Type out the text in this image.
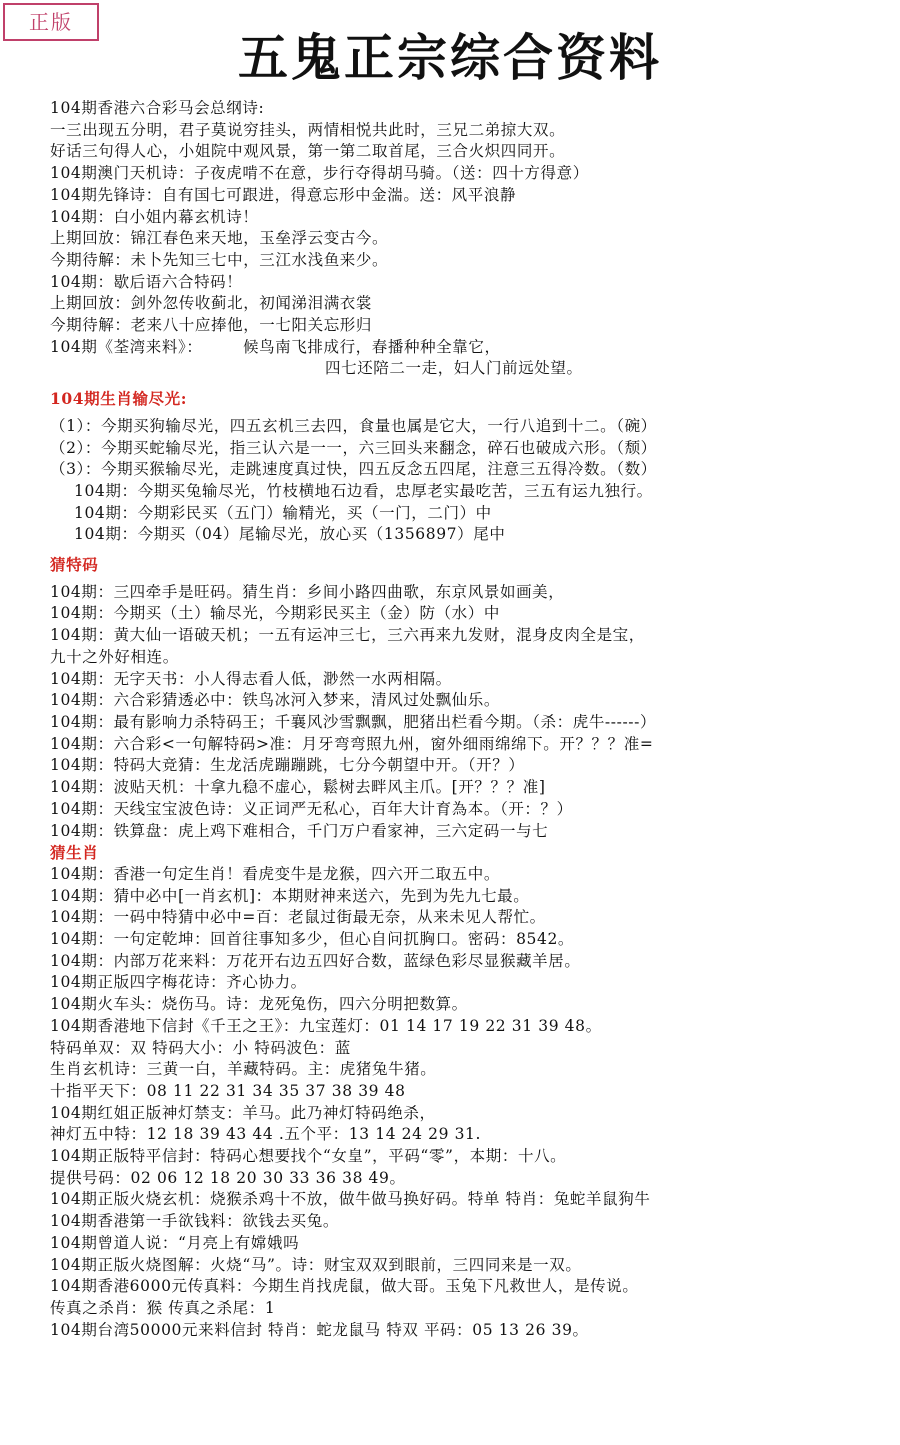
正版
五鬼正宗综合资料
104期香港六合彩马会总纲诗:
一三出现五分明，君子莫说穷挂头，两情相悦共此时，三兄二弟掠大双。
好话三句得人心，小姐院中观风景，第一第二取首尾，三合火炽四同开。
104期澳门天机诗：子夜虎啃不在意，步行夺得胡马骑。（送：四十方得意）
104期先锋诗：自有国七可跟进，得意忘形中金湍。送：风平浪静
104期：白小姐内幕玄机诗！
上期回放：锦江春色来天地，玉垒浮云变古今。
今期待解：未卜先知三七中，三江水浅鱼来少。
104期：歇后语六合特码！
上期回放：剑外忽传收蓟北，初闻涕泪满衣裳
今期待解：老来八十应捧他，一七阳关忘形归
104期《荃湾来料》：　　　候鸟南飞排成行，春播种种全靠它，
四七还陪二一走，妇人门前远处望。
104期生肖输尽光:
（1）：今期买狗输尽光，四五玄机三去四，食量也属是它大，一行八追到十二。（碗）
（2）：今期买蛇输尽光，指三认六是一一，六三回头来翻念，碎石也破成六形。（颓）
（3）：今期买猴输尽光，走跳速度真过快，四五反念五四尾，注意三五得冷数。（数）
104期：今期买兔输尽光，竹枝横地石边看，忠厚老实最吃苦，三五有运九独行。
104期：今期彩民买（五门）输精光，买（一门，二门）中
104期：今期买（04）尾输尽光，放心买（1356897）尾中
猜特码
104期：三四牵手是旺码。猜生肖：乡间小路四曲歌，东京风景如画美，
104期：今期买（土）输尽光，今期彩民买主（金）防（水）中
104期：黄大仙一语破天机；一五有运冲三七，三六再来九发财，混身皮肉全是宝，
九十之外好相连。
104期：无字天书：小人得志看人低，渺然一水两相隔。
104期：六合彩猜透必中：铁鸟冰河入梦来，清风过处飘仙乐。
104期：最有影响力杀特码王；千襄风沙雪飘飘，肥猪出栏看今期。（杀：虎牛------）
104期：六合彩<一句解特码>准：月牙弯弯照九州，窗外细雨绵绵下。开？？？准=
104期：特码大竞猜：生龙活虎蹦蹦跳，七分今朝望中开。（开？）
104期：波贴天机：十拿九稳不虚心，鬆树去畔风主爪。[开？？？准]
104期：天线宝宝波色诗：义正词严无私心，百年大计育為本。（开：？）
104期：铁算盘：虎上鸡下难相合，千门万户看家神，三六定码一与七
猜生肖
104期：香港一句定生肖！看虎变牛是龙猴，四六开二取五中。
104期：猜中必中[一肖玄机]：本期财神来送六，先到为先九七最。
104期：一码中特猜中必中=百：老鼠过街最无奈，从来未见人帮忙。
104期：一句定乾坤：回首往事知多少，但心自问扤胸口。密码：8542。
104期：内部万花来料：万花开右边五四好合数，蓝绿色彩尽显猴藏羊居。
104期正版四字梅花诗：齐心协力。
104期火车头：烧伤马。诗：龙死兔伤，四六分明把数算。
104期香港地下信封《千王之王》：九宝莲灯：01 14 17 19 22 31 39 48。
特码单双：双 特码大小：小 特码波色：蓝
生肖玄机诗：三黄一白，羊藏特码。主：虎猪兔牛猪。
十指平天下：08 11 22 31 34 35 37 38 39 48
104期红姐正版神灯禁支：羊马。此乃神灯特码绝杀，
神灯五中特：12 18 39 43 44 .五个平：13 14 24 29 31.
104期正版特平信封：特码心想要找个“女皇”，平码“零”，本期：十八。
提供号码：02 06 12 18 20 30 33 36 38 49。
104期正版火烧玄机：烧猴杀鸡十不放，做牛做马换好码。特单 特肖：兔蛇羊鼠狗牛
104期香港第一手欲钱料：欲钱去买兔。
104期曾道人说：“月亮上有嫦娥吗
104期正版火烧图解：火烧“马”。诗：财宝双双到眼前，三四同来是一双。
104期香港6000元传真料：今期生肖找虎鼠，做大哥。玉兔下凡救世人，是传说。
传真之杀肖：猴 传真之杀尾：1
104期台湾50000元来料信封 特肖：蛇龙鼠马 特双 平码：05 13 26 39。
